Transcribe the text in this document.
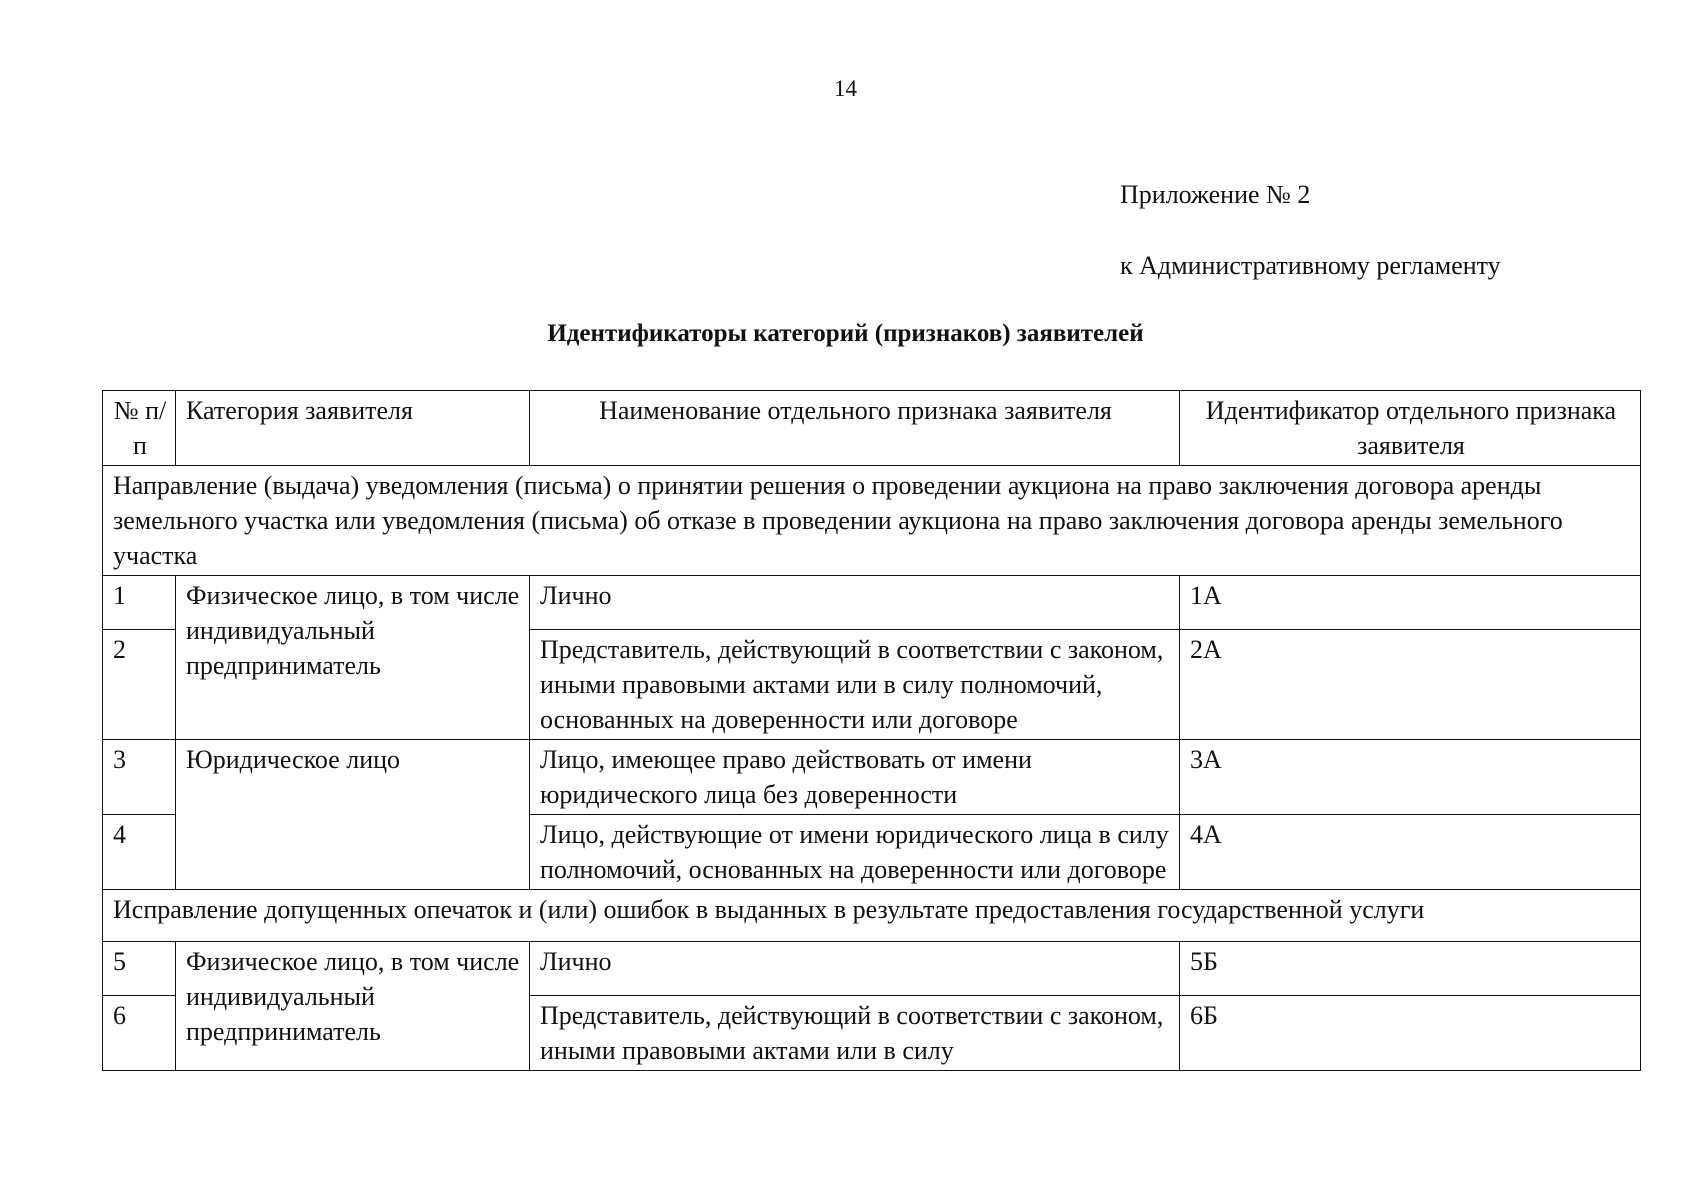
14
Приложение № 2
к Административному регламенту
Идентификаторы категорий (признаков) заявителей
№ п/п	Категория заявителя	Наименование отдельного признака заявителя	Идентификатор отдельного признака заявителя
Направление (выдача) уведомления (письма) о принятии решения о проведении аукциона на право заключения договора аренды земельного участка или уведомления (письма) об отказе в проведении аукциона на право заключения договора аренды земельного участка			
1	Физическое лицо, в том числе индивидуальный предприниматель	Лично	1А
2		Представитель, действующий в соответствии с законом, иными правовыми актами или в силу полномочий, основанных на доверенности или договоре	2А
3	Юридическое лицо	Лицо, имеющее право действовать от имени юридического лица без доверенности	3А
4		Лицо, действующие от имени юридического лица в силу полномочий, основанных на доверенности или договоре	4А
Исправление допущенных опечаток и (или) ошибок в выданных в результате предоставления государственной услуги			
5	Физическое лицо, в том числе индивидуальный предприниматель	Лично	5Б
6		Представитель, действующий в соответствии с законом, иными правовыми актами или в силу	6Б
